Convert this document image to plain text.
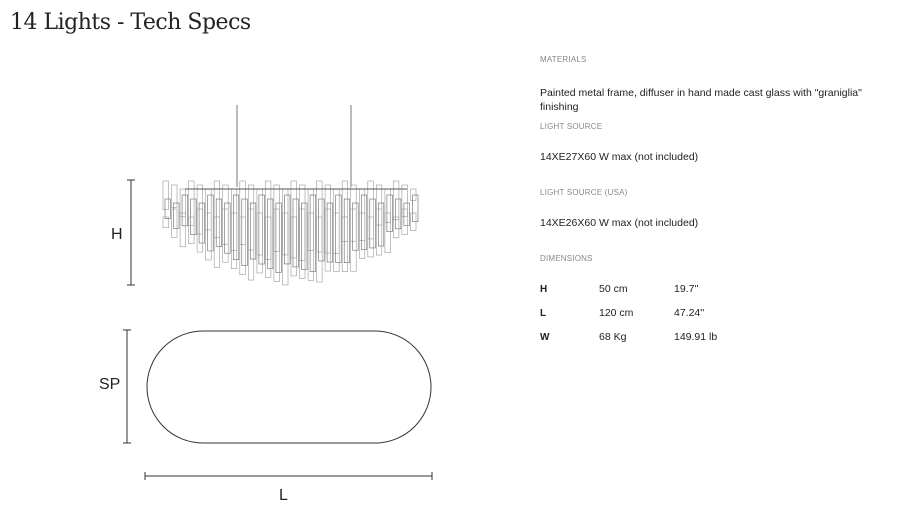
14 Lights - Tech Specs
H
SP
L
MATERIALS
Painted metal frame, diffuser in hand made cast glass with "graniglia" finishing
LIGHT SOURCE
14XE27X60 W max (not included)
LIGHT SOURCE (USA)
14XE26X60 W max (not included)
DIMENSIONS
H	50 cm	19.7''
L	120 cm	47.24''
W	68 Kg	149.91 lb
